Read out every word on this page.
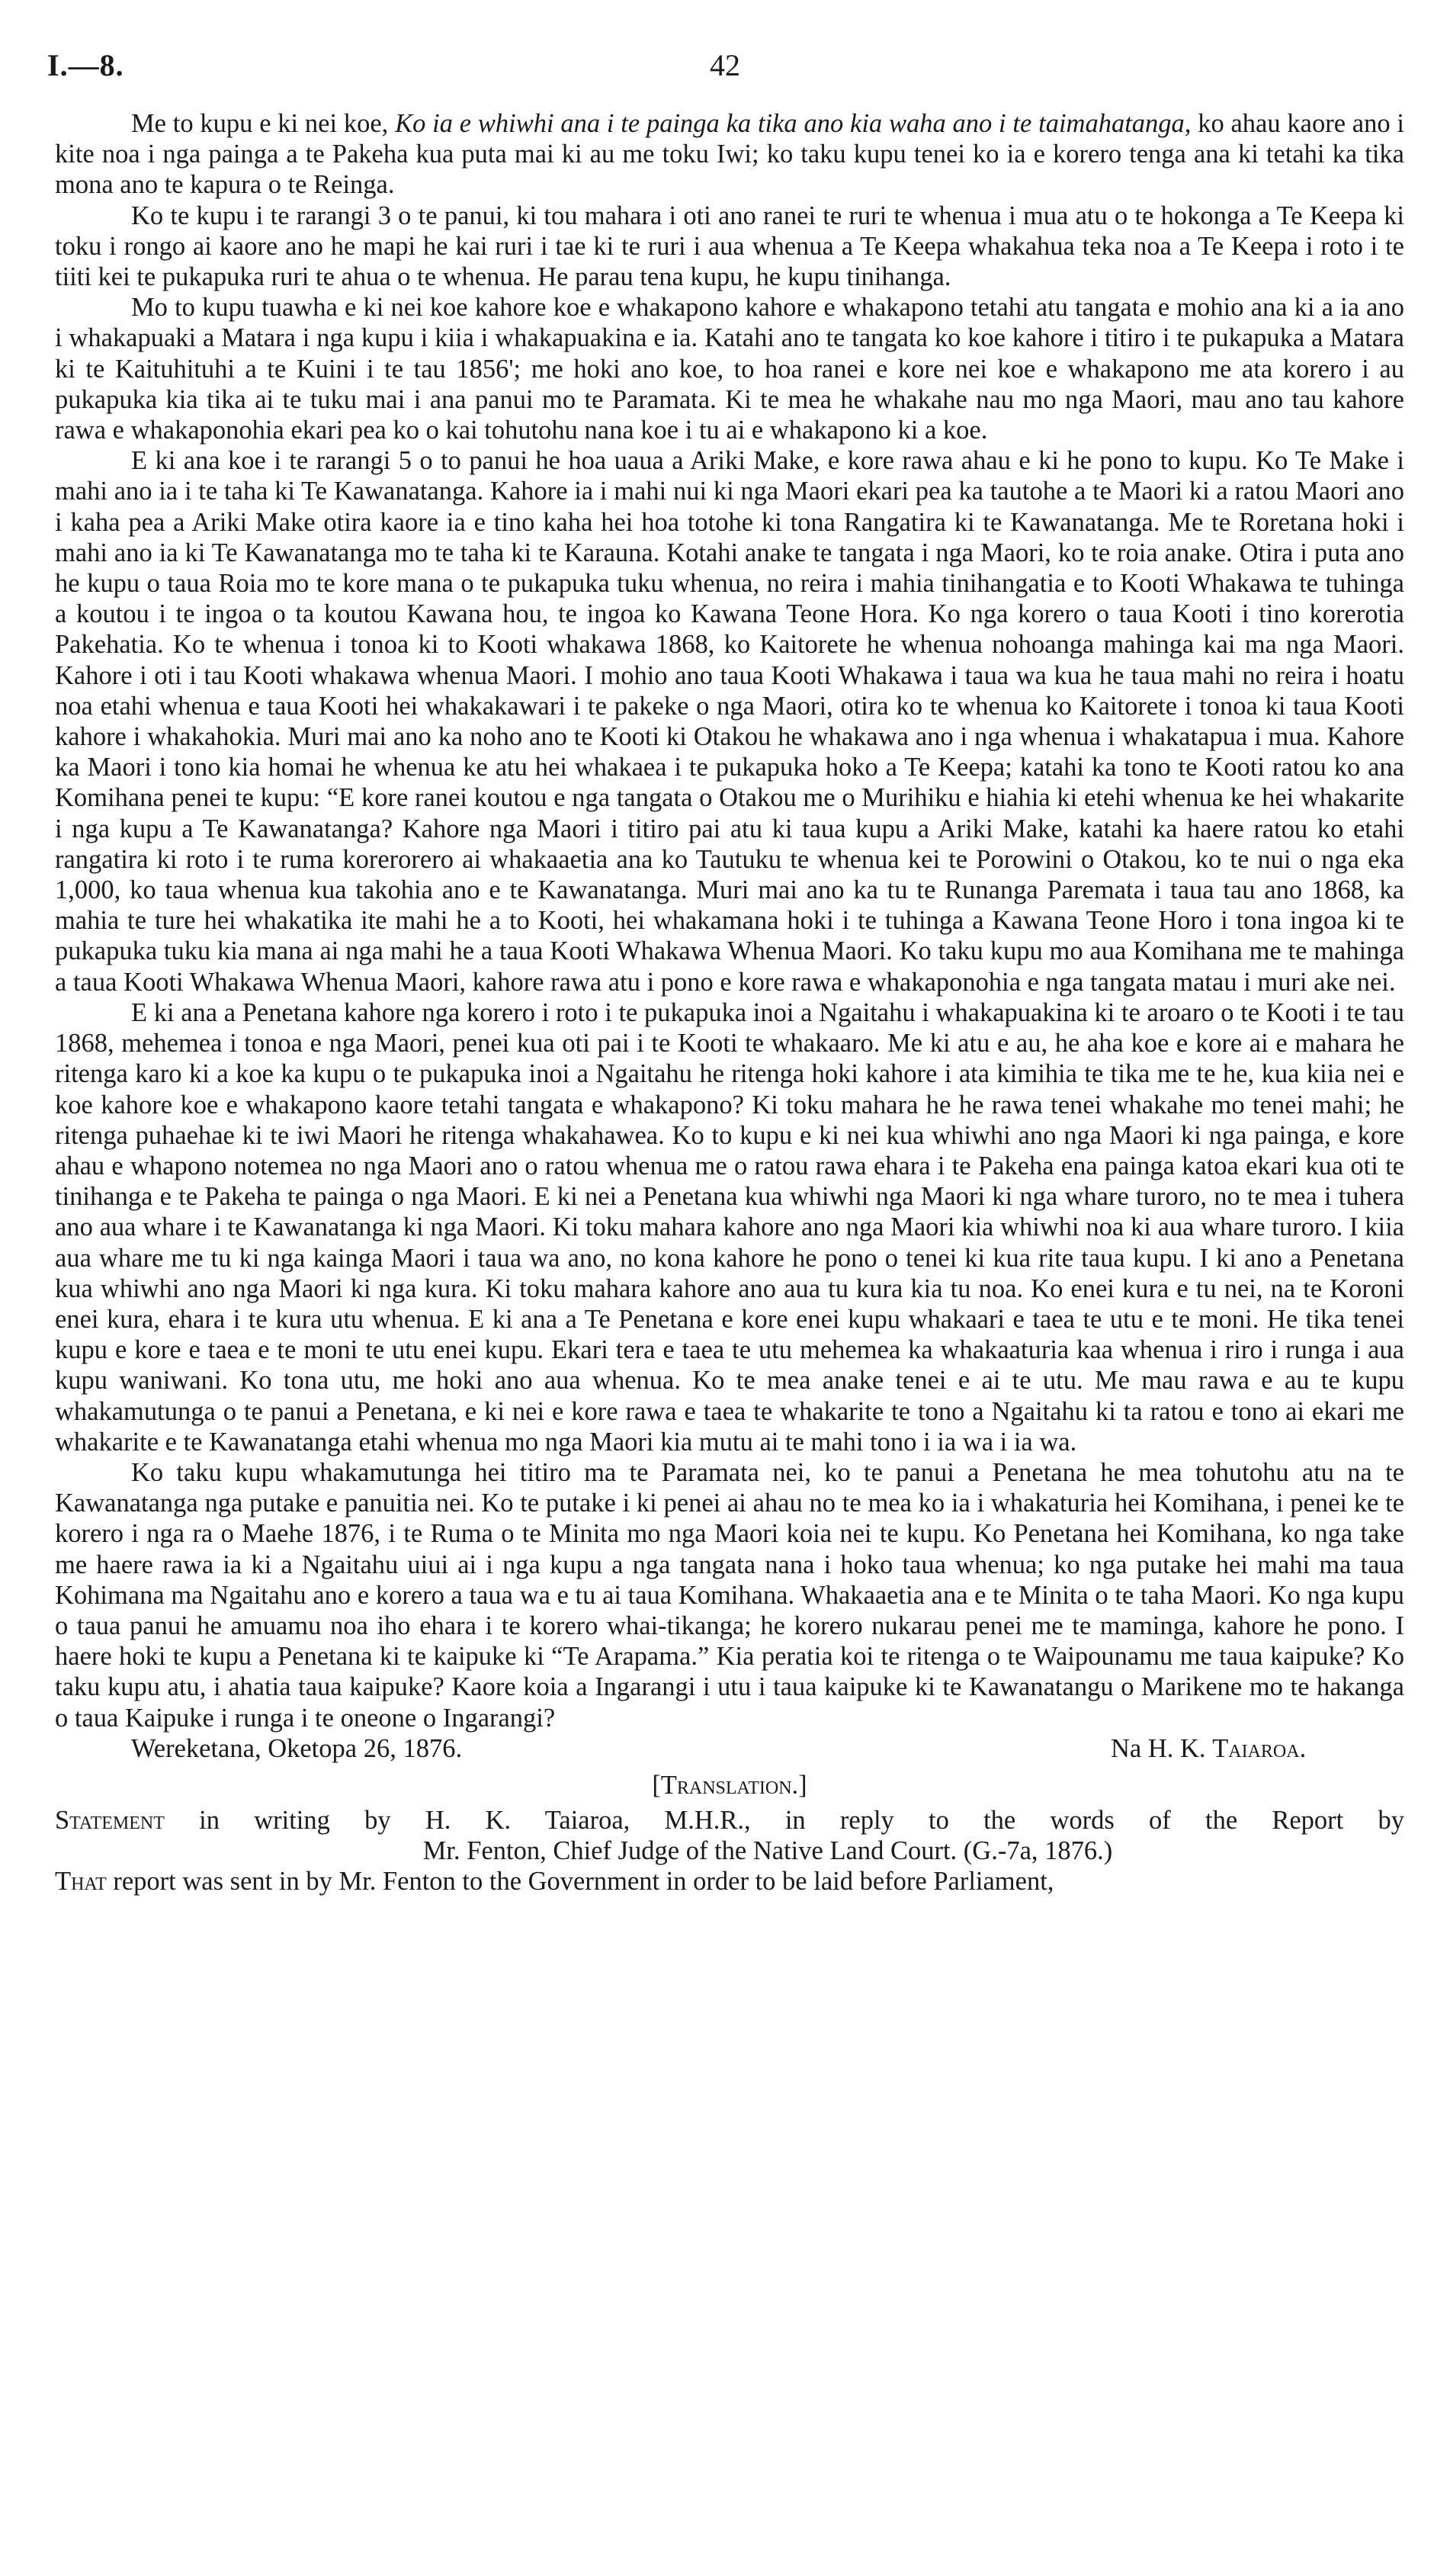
I.—8.	42

Me to kupu e ki nei koe, Ko ia e whiwhi ana i te painga ka tika ano kia waha ano i te taimahatanga, ko ahau kaore ano i kite noa i nga painga a te Pakeha kua puta mai ki au me toku Iwi; ko taku kupu tenei ko ia e korero tenga ana ki tetahi ka tika mona ano te kapura o te Reinga.

Ko te kupu i te rarangi 3 o te panui, ki tou mahara i oti ano ranei te ruri te whenua i mua atu o te hokonga a Te Keepa ki toku i rongo ai kaore ano he mapi he kai ruri i tae ki te ruri i aua whenua a Te Keepa whakahua teka noa a Te Keepa i roto i te tiiti kei te pukapuka ruri te ahua o te whenua. He parau tena kupu, he kupu tinihanga.

Mo to kupu tuawha e ki nei koe kahore koe e whakapono kahore e whakapono tetahi atu tangata e mohio ana ki a ia ano i whakapuaki a Matara i nga kupu i kiia i whakapuakina e ia. Katahi ano te tangata ko koe kahore i titiro i te pukapuka a Matara ki te Kaituhituhi a te Kuini i te tau 1856'; me hoki ano koe, to hoa ranei e kore nei koe e whakapono me ata korero i au pukapuka kia tika ai te tuku mai i ana panui mo te Paramata. Ki te mea he whakahe nau mo nga Maori, mau ano tau kahore rawa e whakaponohia ekari pea ko o kai tohutohu nana koe i tu ai e whakapono ki a koe.

E ki ana koe i te rarangi 5 o to panui he hoa uaua a Ariki Make, e kore rawa ahau e ki he pono to kupu. Ko Te Make i mahi ano ia i te taha ki Te Kawanatanga. Kahore ia i mahi nui ki nga Maori ekari pea ka tautohe a te Maori ki a ratou Maori ano i kaha pea a Ariki Make otira kaore ia e tino kaha hei hoa totohe ki tona Rangatira ki te Kawanatanga. Me te Roretana hoki i mahi ano ia ki Te Kawanatanga mo te taha ki te Karauna. Kotahi anake te tangata i nga Maori, ko te roia anake. Otira i puta ano he kupu o taua Roia mo te kore mana o te pukapuka tuku whenua, no reira i mahia tinihangatia e to Kooti Whakawa te tuhinga a koutou i te ingoa o ta koutou Kawana hou, te ingoa ko Kawana Teone Hora. Ko nga korero o taua Kooti i tino korerotia Pakehatia. Ko te whenua i tonoa ki to Kooti whakawa 1868, ko Kaitorete he whenua nohoanga mahinga kai ma nga Maori. Kahore i oti i tau Kooti whakawa whenua Maori. I mohio ano taua Kooti Whakawa i taua wa kua he taua mahi no reira i hoatu noa etahi whenua e taua Kooti hei whakakawari i te pakeke o nga Maori, otira ko te whenua ko Kaitorete i tonoa ki taua Kooti kahore i whakahokia. Muri mai ano ka noho ano te Kooti ki Otakou he whakawa ano i nga whenua i whakatapua i mua. Kahore ka Maori i tono kia homai he whenua ke atu hei whakaea i te pukapuka hoko a Te Keepa; katahi ka tono te Kooti ratou ko ana Komihana penei te kupu: “E kore ranei koutou e nga tangata o Otakou me o Murihiku e hiahia ki etehi whenua ke hei whakarite i nga kupu a Te Kawanatanga? Kahore nga Maori i titiro pai atu ki taua kupu a Ariki Make, katahi ka haere ratou ko etahi rangatira ki roto i te ruma korerorero ai whakaaetia ana ko Tautuku te whenua kei te Porowini o Otakou, ko te nui o nga eka 1,000, ko taua whenua kua takohia ano e te Kawanatanga. Muri mai ano ka tu te Runanga Paremata i taua tau ano 1868, ka mahia te ture hei whakatika ite mahi he a to Kooti, hei whakamana hoki i te tuhinga a Kawana Teone Horo i tona ingoa ki te pukapuka tuku kia mana ai nga mahi he a taua Kooti Whakawa Whenua Maori. Ko taku kupu mo aua Komihana me te mahinga a taua Kooti Whakawa Whenua Maori, kahore rawa atu i pono e kore rawa e whakaponohia e nga tangata matau i muri ake nei.

E ki ana a Penetana kahore nga korero i roto i te pukapuka inoi a Ngaitahu i whakapuakina ki te aroaro o te Kooti i te tau 1868, mehemea i tonoa e nga Maori, penei kua oti pai i te Kooti te whakaaro. Me ki atu e au, he aha koe e kore ai e mahara he ritenga karo ki a koe ka kupu o te pukapuka inoi a Ngaitahu he ritenga hoki kahore i ata kimihia te tika me te he, kua kiia nei e koe kahore koe e whakapono kaore tetahi tangata e whakapono? Ki toku mahara he he rawa tenei whakahe mo tenei mahi; he ritenga puhaehae ki te iwi Maori he ritenga whakahawea. Ko to kupu e ki nei kua whiwhi ano nga Maori ki nga painga, e kore ahau e whapono notemea no nga Maori ano o ratou whenua me o ratou rawa ehara i te Pakeha ena painga katoa ekari kua oti te tinihanga e te Pakeha te painga o nga Maori. E ki nei a Penetana kua whiwhi nga Maori ki nga whare turoro, no te mea i tuhera ano aua whare i te Kawanatanga ki nga Maori. Ki toku mahara kahore ano nga Maori kia whiwhi noa ki aua whare turoro. I kiia aua whare me tu ki nga kainga Maori i taua wa ano, no kona kahore he pono o tenei ki kua rite taua kupu. I ki ano a Penetana kua whiwhi ano nga Maori ki nga kura. Ki toku mahara kahore ano aua tu kura kia tu noa. Ko enei kura e tu nei, na te Koroni enei kura, ehara i te kura utu whenua. E ki ana a Te Penetana e kore enei kupu whakaari e taea te utu e te moni. He tika tenei kupu e kore e taea e te moni te utu enei kupu. Ekari tera e taea te utu mehemea ka whakaaturia kaa whenua i riro i runga i aua kupu waniwani. Ko tona utu, me hoki ano aua whenua. Ko te mea anake tenei e ai te utu. Me mau rawa e au te kupu whakamutunga o te panui a Penetana, e ki nei e kore rawa e taea te whakarite te tono a Ngaitahu ki ta ratou e tono ai ekari me whakarite e te Kawanatanga etahi whenua mo nga Maori kia mutu ai te mahi tono i ia wa i ia wa.

Ko taku kupu whakamutunga hei titiro ma te Paramata nei, ko te panui a Penetana he mea tohutohu atu na te Kawanatanga nga putake e panuitia nei. Ko te putake i ki penei ai ahau no te mea ko ia i whakaturia hei Komihana, i penei ke te korero i nga ra o Maehe 1876, i te Ruma o te Minita mo nga Maori koia nei te kupu. Ko Penetana hei Komihana, ko nga take me haere rawa ia ki a Ngaitahu uiui ai i nga kupu a nga tangata nana i hoko taua whenua; ko nga putake hei mahi ma taua Kohimana ma Ngaitahu ano e korero a taua wa e tu ai taua Komihana. Whakaaetia ana e te Minita o te taha Maori. Ko nga kupu o taua panui he amuamu noa iho ehara i te korero whai-tikanga; he korero nukarau penei me te maminga, kahore he pono. I haere hoki te kupu a Penetana ki te kaipuke ki “Te Arapama.” Kia peratia koi te ritenga o te Waipounamu me taua kaipuke? Ko taku kupu atu, i ahatia taua kaipuke? Kaore koia a Ingarangi i utu i taua kaipuke ki te Kawanatangu o Marikene mo te hakanga o taua Kaipuke i runga i te oneone o Ingarangi?

Wereketana, Oketopa 26, 1876.	Na H. K. Taiaroa.
[Translation.]
Statement in writing by H. K. Taiaroa, M.H.R., in reply to the words of the Report by
Mr. Fenton, Chief Judge of the Native Land Court. (G.-7a, 1876.)

That report was sent in by Mr. Fenton to the Government in order to be laid before Parliament,
